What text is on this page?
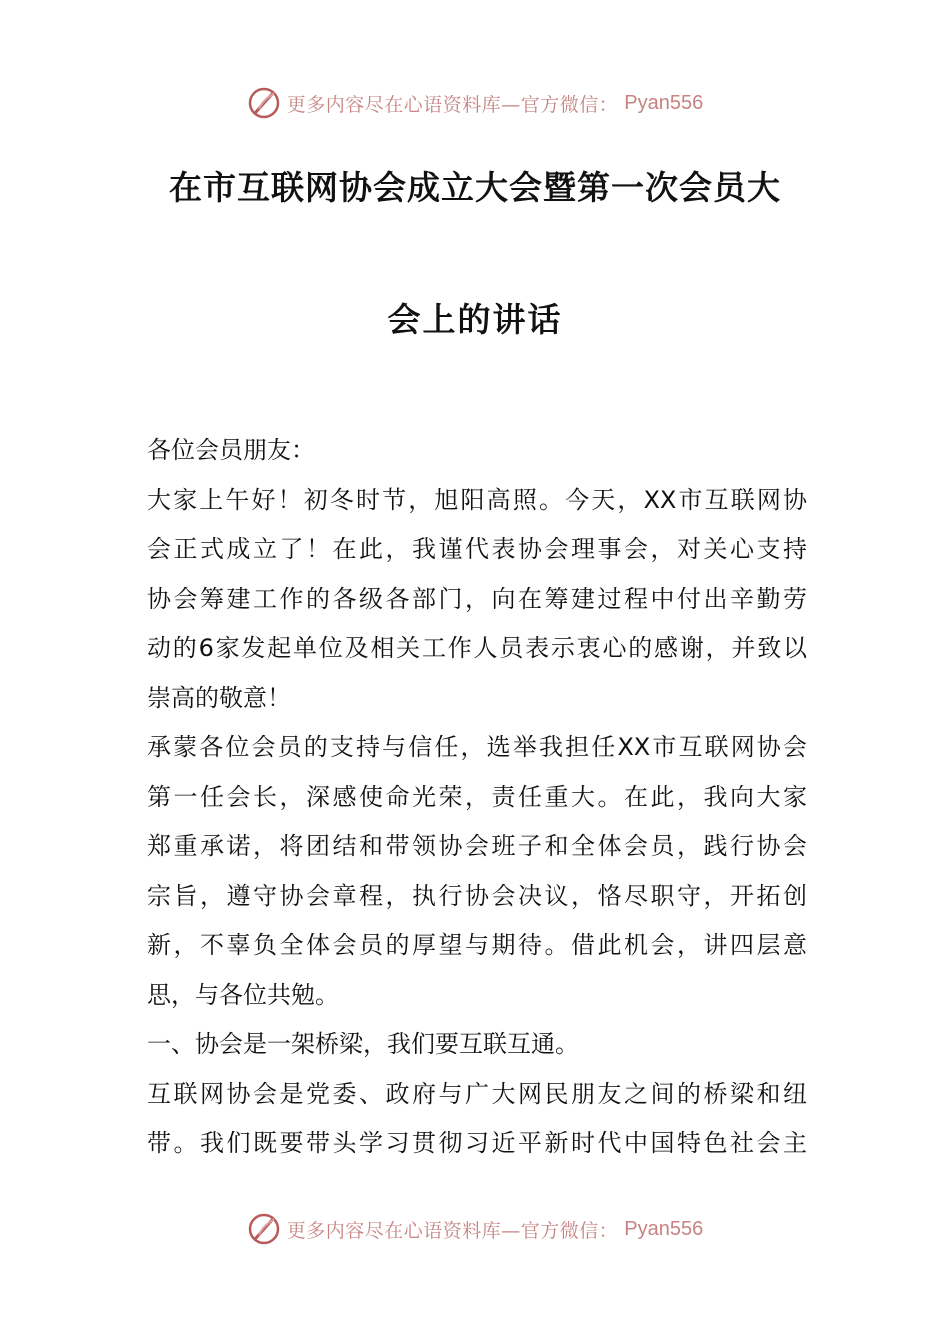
更多内容尽在心语资料库—官方微信： Pyan556
在市互联网协会成立大会暨第一次会员大
会上的讲话
各位会员朋友：
大家上午好！初冬时节，旭阳高照。今天，XX市互联网协
会正式成立了！在此，我谨代表协会理事会，对关心支持
协会筹建工作的各级各部门，向在筹建过程中付出辛勤劳
动的6家发起单位及相关工作人员表示衷心的感谢，并致以
崇高的敬意！
承蒙各位会员的支持与信任，选举我担任XX市互联网协会
第一任会长，深感使命光荣，责任重大。在此，我向大家
郑重承诺，将团结和带领协会班子和全体会员，践行协会
宗旨，遵守协会章程，执行协会决议，恪尽职守，开拓创
新，不辜负全体会员的厚望与期待。借此机会，讲四层意
思，与各位共勉。
一、协会是一架桥梁，我们要互联互通。
互联网协会是党委、政府与广大网民朋友之间的桥梁和纽
带。我们既要带头学习贯彻习近平新时代中国特色社会主
更多内容尽在心语资料库—官方微信： Pyan556
